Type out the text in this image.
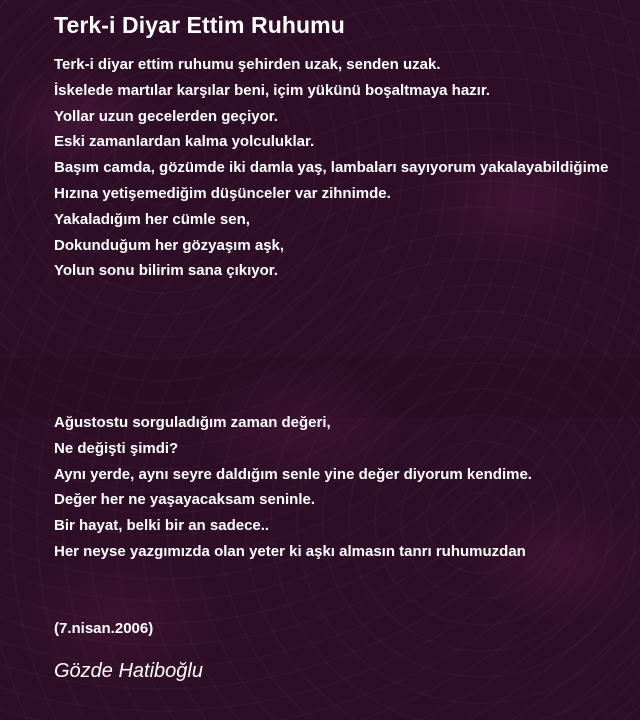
Terk-i Diyar Ettim Ruhumu
Terk-i diyar ettim ruhumu şehirden uzak, senden uzak.
İskelede martılar karşılar beni, içim yükünü boşaltmaya hazır.
Yollar uzun gecelerden geçiyor.
Eski zamanlardan kalma yolculuklar.
Başım camda, gözümde iki damla yaş, lambaları sayıyorum yakalayabildiğime
Hızına yetişemediğim düşünceler var zihnimde.
Yakaladığım her cümle sen,
Dokunduğum her gözyaşım aşk,
Yolun sonu bilirim sana çıkıyor.
Ağustostu sorguladığım zaman değeri,
Ne değişti şimdi?
Aynı yerde, aynı seyre daldığım senle yine değer diyorum kendime.
Değer her ne yaşayacaksam seninle.
Bir hayat, belki bir an sadece..
Her neyse yazgımızda olan yeter ki aşkı almasın tanrı ruhumuzdan

(7.nisan.2006)

Gözde Hatiboğlu
